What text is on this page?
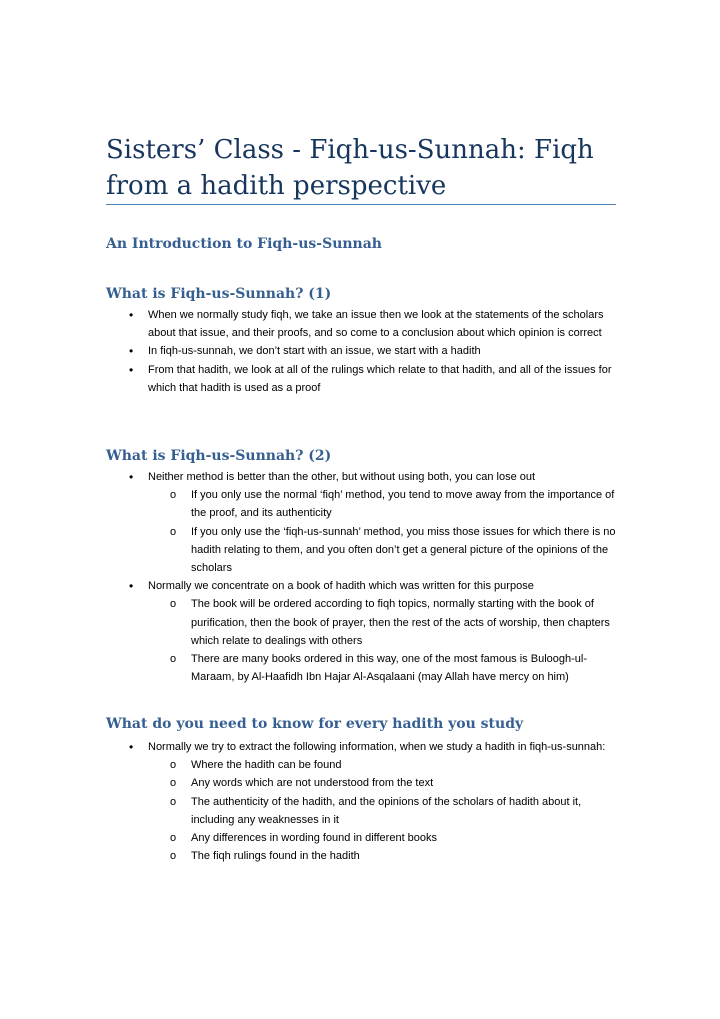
Sisters’ Class - Fiqh-us-Sunnah: Fiqh from a hadith perspective
An Introduction to Fiqh-us-Sunnah
What is Fiqh-us-Sunnah? (1)
• When we normally study fiqh, we take an issue then we look at the statements of the scholars about that issue, and their proofs, and so come to a conclusion about which opinion is correct
• In fiqh-us-sunnah, we don’t start with an issue, we start with a hadith
• From that hadith, we look at all of the rulings which relate to that hadith, and all of the issues for which that hadith is used as a proof
What is Fiqh-us-Sunnah? (2)
• Neither method is better than the other, but without using both, you can lose out
o If you only use the normal ‘fiqh’ method, you tend to move away from the importance of the proof, and its authenticity
o If you only use the ‘fiqh-us-sunnah’ method, you miss those issues for which there is no hadith relating to them, and you often don’t get a general picture of the opinions of the scholars
• Normally we concentrate on a book of hadith which was written for this purpose
o The book will be ordered according to fiqh topics, normally starting with the book of purification, then the book of prayer, then the rest of the acts of worship, then chapters which relate to dealings with others
o There are many books ordered in this way, one of the most famous is Buloogh-ul-Maraam, by Al-Haafidh Ibn Hajar Al-Asqalaani (may Allah have mercy on him)
What do you need to know for every hadith you study
• Normally we try to extract the following information, when we study a hadith in fiqh-us-sunnah:
o Where the hadith can be found
o Any words which are not understood from the text
o The authenticity of the hadith, and the opinions of the scholars of hadith about it, including any weaknesses in it
o Any differences in wording found in different books
o The fiqh rulings found in the hadith
